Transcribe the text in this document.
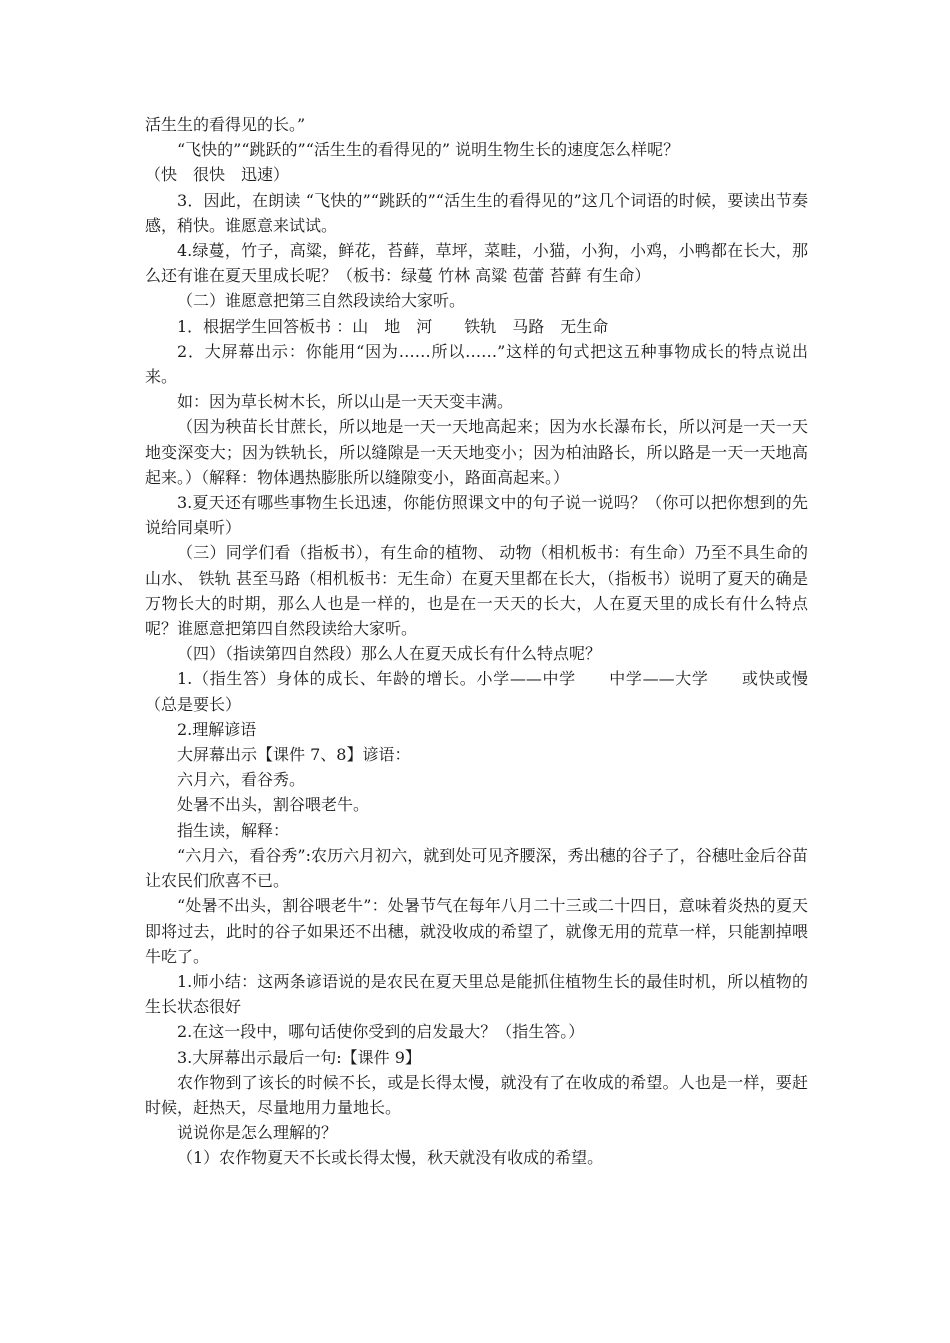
活生生的看得见的长。”

“飞快的”“跳跃的”“活生生的看得见的” 说明生物生长的速度怎么样呢？

（快　很快　迅速）

3．因此，在朗读 “飞快的”“跳跃的”“活生生的看得见的”这几个词语的时候，要读出节奏感，稍快。谁愿意来试试。

4.绿蔓，竹子，高粱，鲜花，苔藓，草坪，菜畦，小猫，小狗，小鸡，小鸭都在长大，那么还有谁在夏天里成长呢？（板书：绿蔓 竹林 高粱 苞蕾 苔藓 有生命）

（二）谁愿意把第三自然段读给大家听。

1．根据学生回答板书 ：山　地　河　　铁轨　马路　无生命

2．大屏幕出示：你能用“因为……所以……”这样的句式把这五种事物成长的特点说出来。

如：因为草长树木长，所以山是一天天变丰满。

（因为秧苗长甘蔗长，所以地是一天一天地高起来；因为水长瀑布长，所以河是一天一天地变深变大；因为铁轨长，所以缝隙是一天天地变小；因为柏油路长，所以路是一天一天地高起来。）（解释：物体遇热膨胀所以缝隙变小，路面高起来。）

3.夏天还有哪些事物生长迅速，你能仿照课文中的句子说一说吗？（你可以把你想到的先说给同桌听）

（三）同学们看（指板书），有生命的植物、 动物（相机板书：有生命）乃至不具生命的山水、 铁轨 甚至马路（相机板书：无生命）在夏天里都在长大，（指板书）说明了夏天的确是万物长大的时期，那么人也是一样的，也是在一天天的长大，人在夏天里的成长有什么特点呢？谁愿意把第四自然段读给大家听。

（四）（指读第四自然段）那么人在夏天成长有什么特点呢？

1.（指生答）身体的成长、年龄的增长。小学——中学　　中学——大学　　或快或慢（总是要长）

2.理解谚语

大屏幕出示【课件 7、8】谚语：

六月六，看谷秀。

处暑不出头，割谷喂老牛。

指生读，解释：

“六月六，看谷秀”:农历六月初六，就到处可见齐腰深，秀出穗的谷子了，谷穗吐金后谷苗让农民们欣喜不已。

“处暑不出头，割谷喂老牛”：处暑节气在每年八月二十三或二十四日，意味着炎热的夏天即将过去，此时的谷子如果还不出穗，就没收成的希望了，就像无用的荒草一样，只能割掉喂牛吃了。

1.师小结：这两条谚语说的是农民在夏天里总是能抓住植物生长的最佳时机，所以植物的生长状态很好

2.在这一段中，哪句话使你受到的启发最大？（指生答。）

3.大屏幕出示最后一句:【课件 9】

农作物到了该长的时候不长，或是长得太慢，就没有了在收成的希望。人也是一样，要赶时候，赶热天，尽量地用力量地长。

说说你是怎么理解的？

（1）农作物夏天不长或长得太慢，秋天就没有收成的希望。
